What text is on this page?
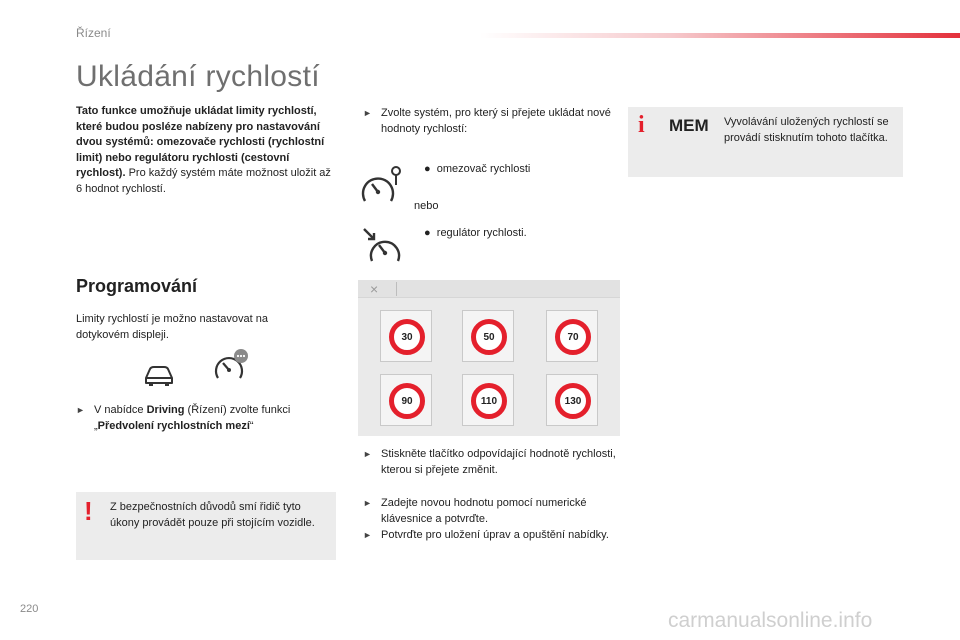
Řízení
Ukládání rychlostí
Tato funkce umožňuje ukládat limity rychlostí, které budou posléze nabízeny pro nastavování dvou systémů: omezovače rychlosti (rychlostní limit) nebo regulátoru rychlosti (cestovní rychlost). Pro každý systém máte možnost uložit až 6 hodnot rychlostí.
Programování
Limity rychlostí je možno nastavovat na dotykovém displeji.
► V nabídce Driving (Řízení) zvolte funkci „Předvolení rychlostních mezí“
! Z bezpečnostních důvodů smí řidič tyto úkony provádět pouze při stojícím vozidle.
► Zvolte systém, pro který si přejete ukládat nové hodnoty rychlostí:
● omezovač rychlosti
nebo
● regulátor rychlosti.
×
30	50	70
90	110	130
► Stiskněte tlačítko odpovídající hodnotě rychlosti, kterou si přejete změnit.
► Zadejte novou hodnotu pomocí numerické klávesnice a potvrďte.
► Potvrďte pro uložení úprav a opuštění nabídky.
i MEM Vyvolávání uložených rychlostí se provádí stisknutím tohoto tlačítka.
220	carmanualsonline.info
